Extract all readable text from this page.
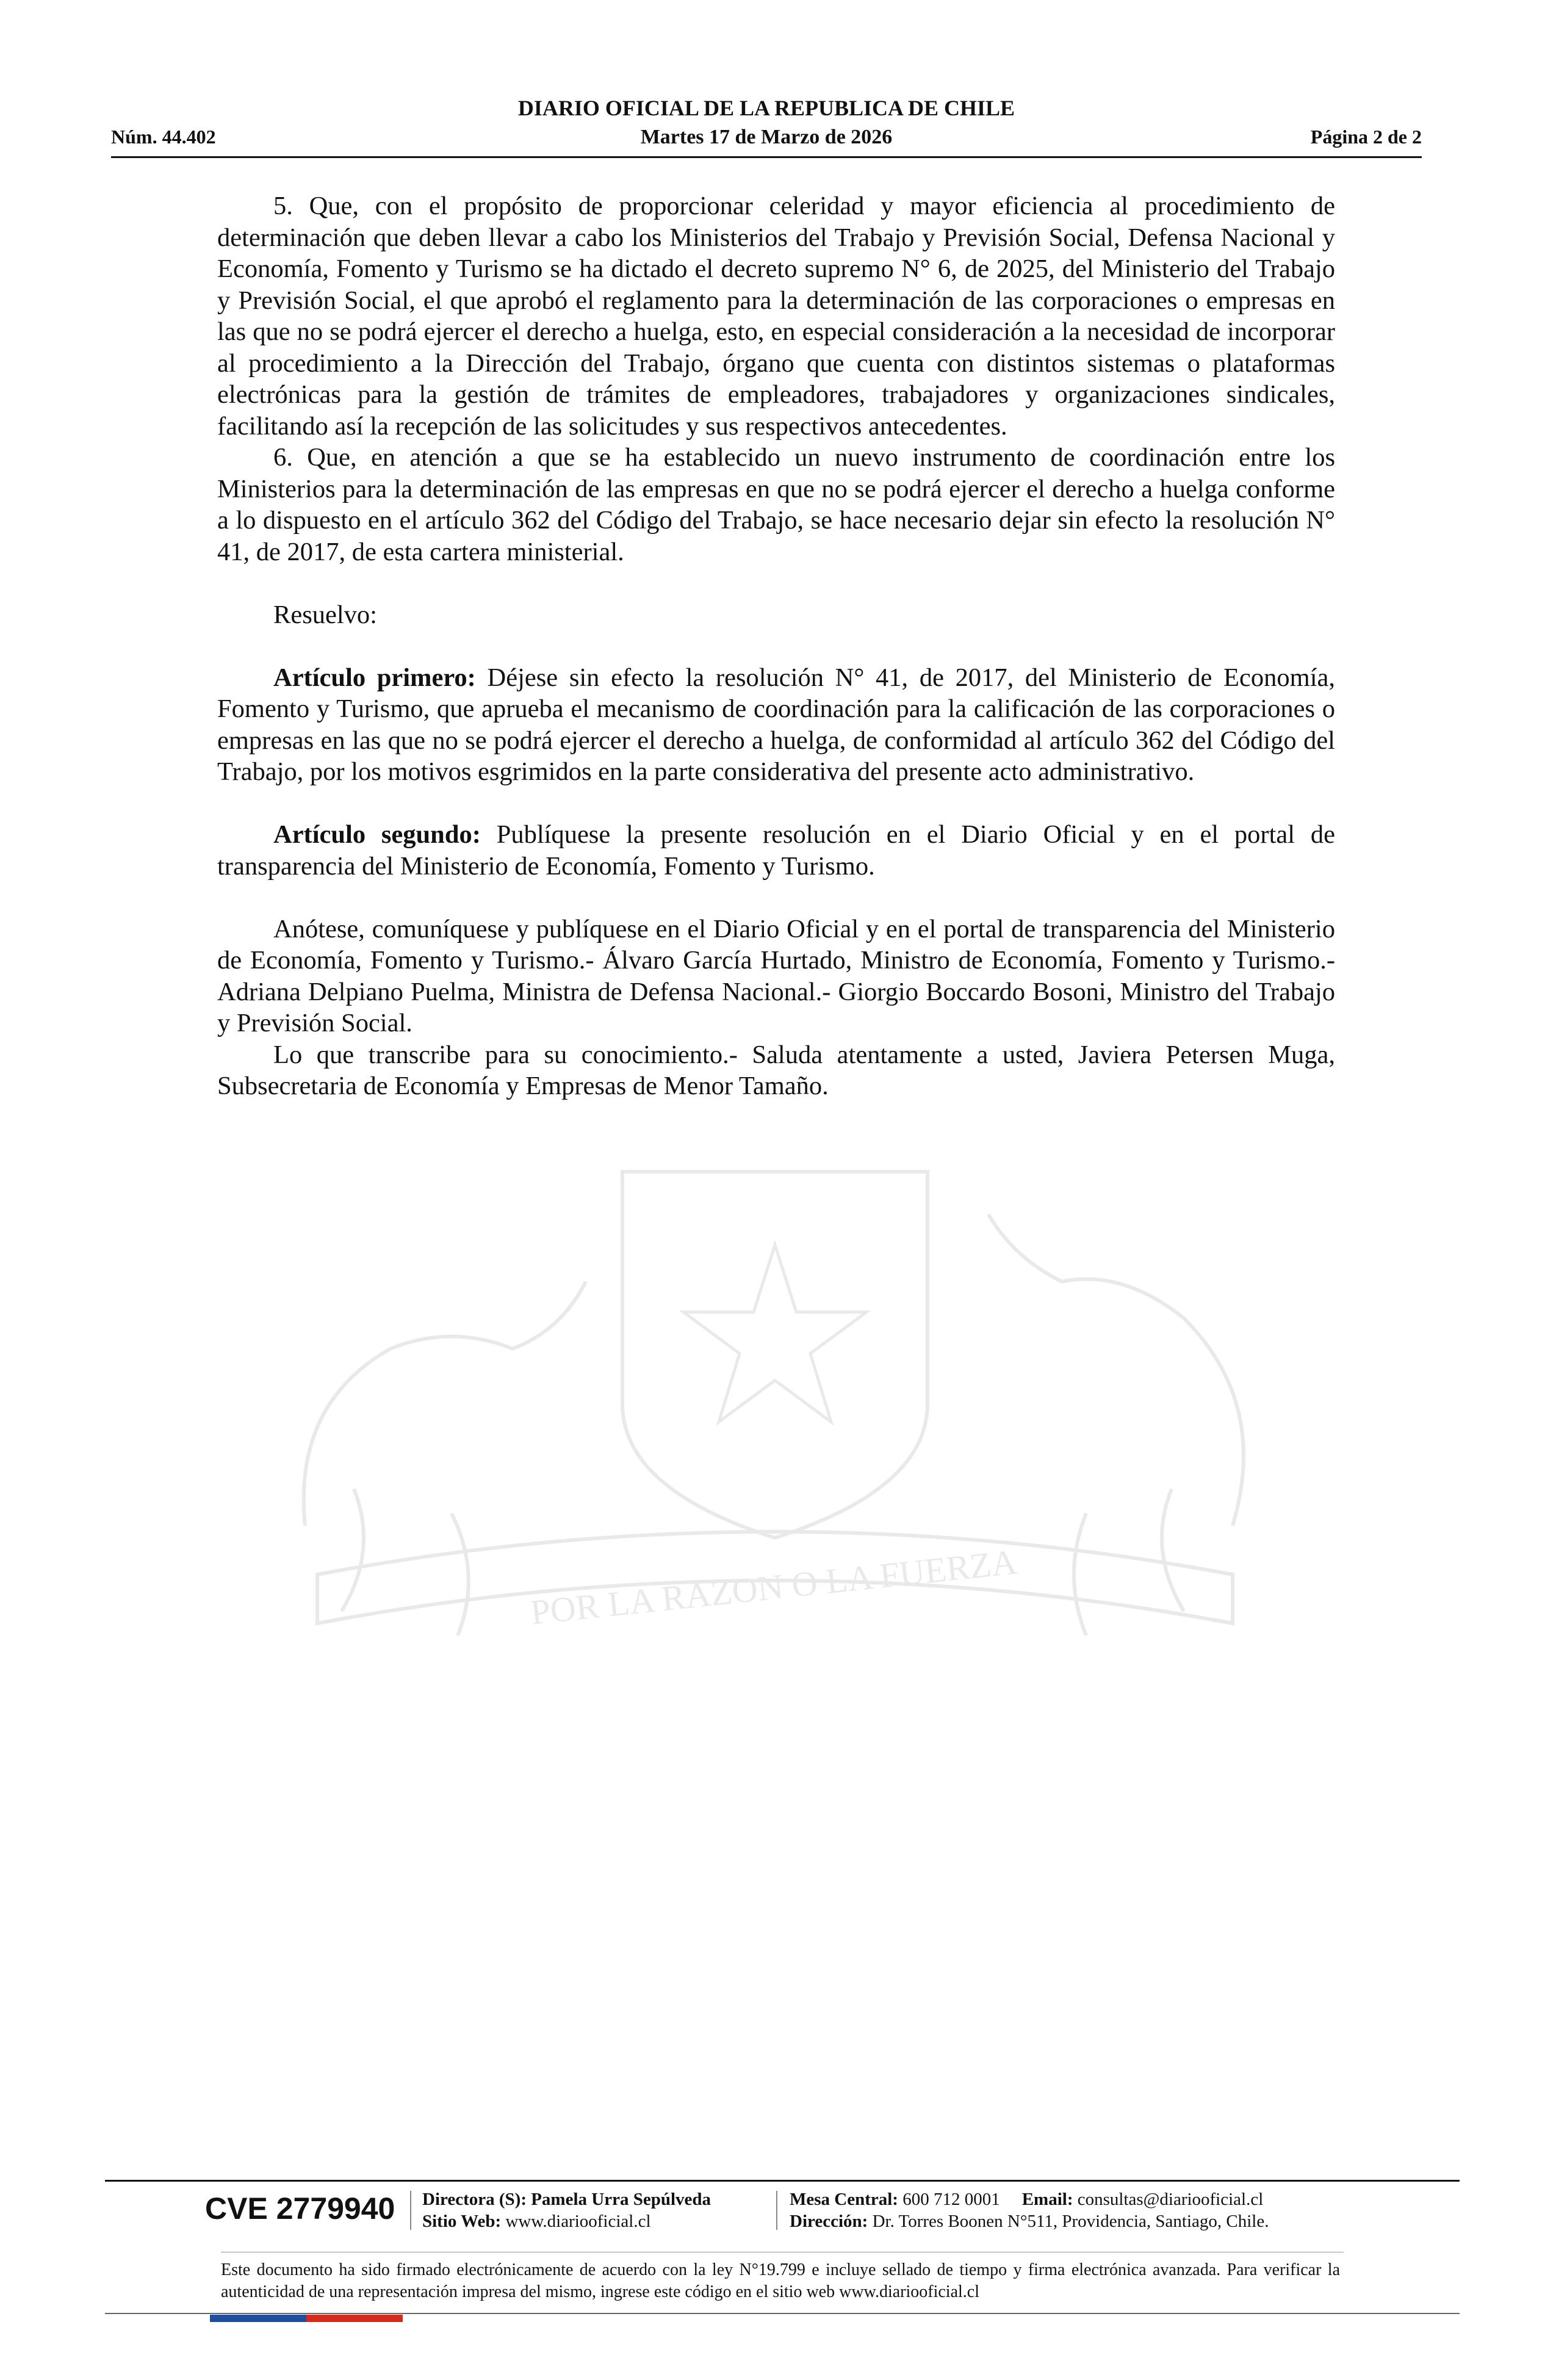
Núm. 44.402
DIARIO OFICIAL DE LA REPUBLICA DE CHILE
Martes 17 de Marzo de 2026	Página 2 de 2
POR LA RAZON O LA FUERZA

5. Que, con el propósito de proporcionar celeridad y mayor eficiencia al procedimiento de determinación que deben llevar a cabo los Ministerios del Trabajo y Previsión Social, Defensa Nacional y Economía, Fomento y Turismo se ha dictado el decreto supremo N° 6, de 2025, del Ministerio del Trabajo y Previsión Social, el que aprobó el reglamento para la determinación de las corporaciones o empresas en las que no se podrá ejercer el derecho a huelga, esto, en especial consideración a la necesidad de incorporar al procedimiento a la Dirección del Trabajo, órgano que cuenta con distintos sistemas o plataformas electrónicas para la gestión de trámites de empleadores, trabajadores y organizaciones sindicales, facilitando así la recepción de las solicitudes y sus respectivos antecedentes.

6. Que, en atención a que se ha establecido un nuevo instrumento de coordinación entre los Ministerios para la determinación de las empresas en que no se podrá ejercer el derecho a huelga conforme a lo dispuesto en el artículo 362 del Código del Trabajo, se hace necesario dejar sin efecto la resolución N° 41, de 2017, de esta cartera ministerial.

Resuelvo:

Artículo primero: Déjese sin efecto la resolución N° 41, de 2017, del Ministerio de Economía, Fomento y Turismo, que aprueba el mecanismo de coordinación para la calificación de las corporaciones o empresas en las que no se podrá ejercer el derecho a huelga, de conformidad al artículo 362 del Código del Trabajo, por los motivos esgrimidos en la parte considerativa del presente acto administrativo.

Artículo segundo: Publíquese la presente resolución en el Diario Oficial y en el portal de transparencia del Ministerio de Economía, Fomento y Turismo.

Anótese, comuníquese y publíquese en el Diario Oficial y en el portal de transparencia del Ministerio de Economía, Fomento y Turismo.- Álvaro García Hurtado, Ministro de Economía, Fomento y Turismo.- Adriana Delpiano Puelma, Ministra de Defensa Nacional.- Giorgio Boccardo Bosoni, Ministro del Trabajo y Previsión Social.

Lo que transcribe para su conocimiento.- Saluda atentamente a usted, Javiera Petersen Muga, Subsecretaria de Economía y Empresas de Menor Tamaño.

CVE 2779940 Directora (S): Pamela Urra Sepúlveda
Sitio Web: www.diariooficial.cl
Mesa Central: 600 712 0001 Email: consultas@diariooficial.cl
Dirección: Dr. Torres Boonen N°511, Providencia, Santiago, Chile.
Este documento ha sido firmado electrónicamente de acuerdo con la ley N°19.799 e incluye sellado de tiempo y firma electrónica avanzada. Para verificar la autenticidad de una representación impresa del mismo, ingrese este código en el sitio web www.diariooficial.cl
